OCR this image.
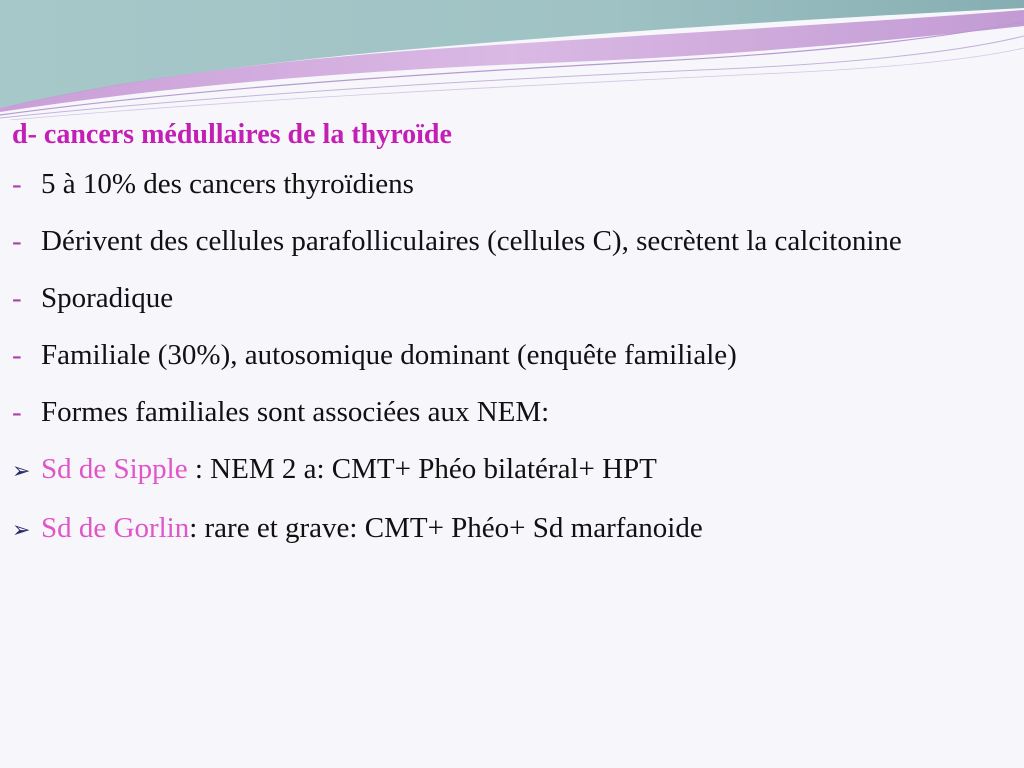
d- cancers médullaires de la thyroïde
- 5 à 10% des cancers thyroïdiens
- Dérivent des cellules parafolliculaires (cellules C), secrètent la calcitonine
- Sporadique
- Familiale (30%), autosomique dominant (enquête familiale)
- Formes familiales sont associées aux NEM:
➢ Sd de Sipple : NEM 2 a: CMT+ Phéo bilatéral+ HPT
➢ Sd de Gorlin: rare et grave: CMT+ Phéo+ Sd marfanoide
